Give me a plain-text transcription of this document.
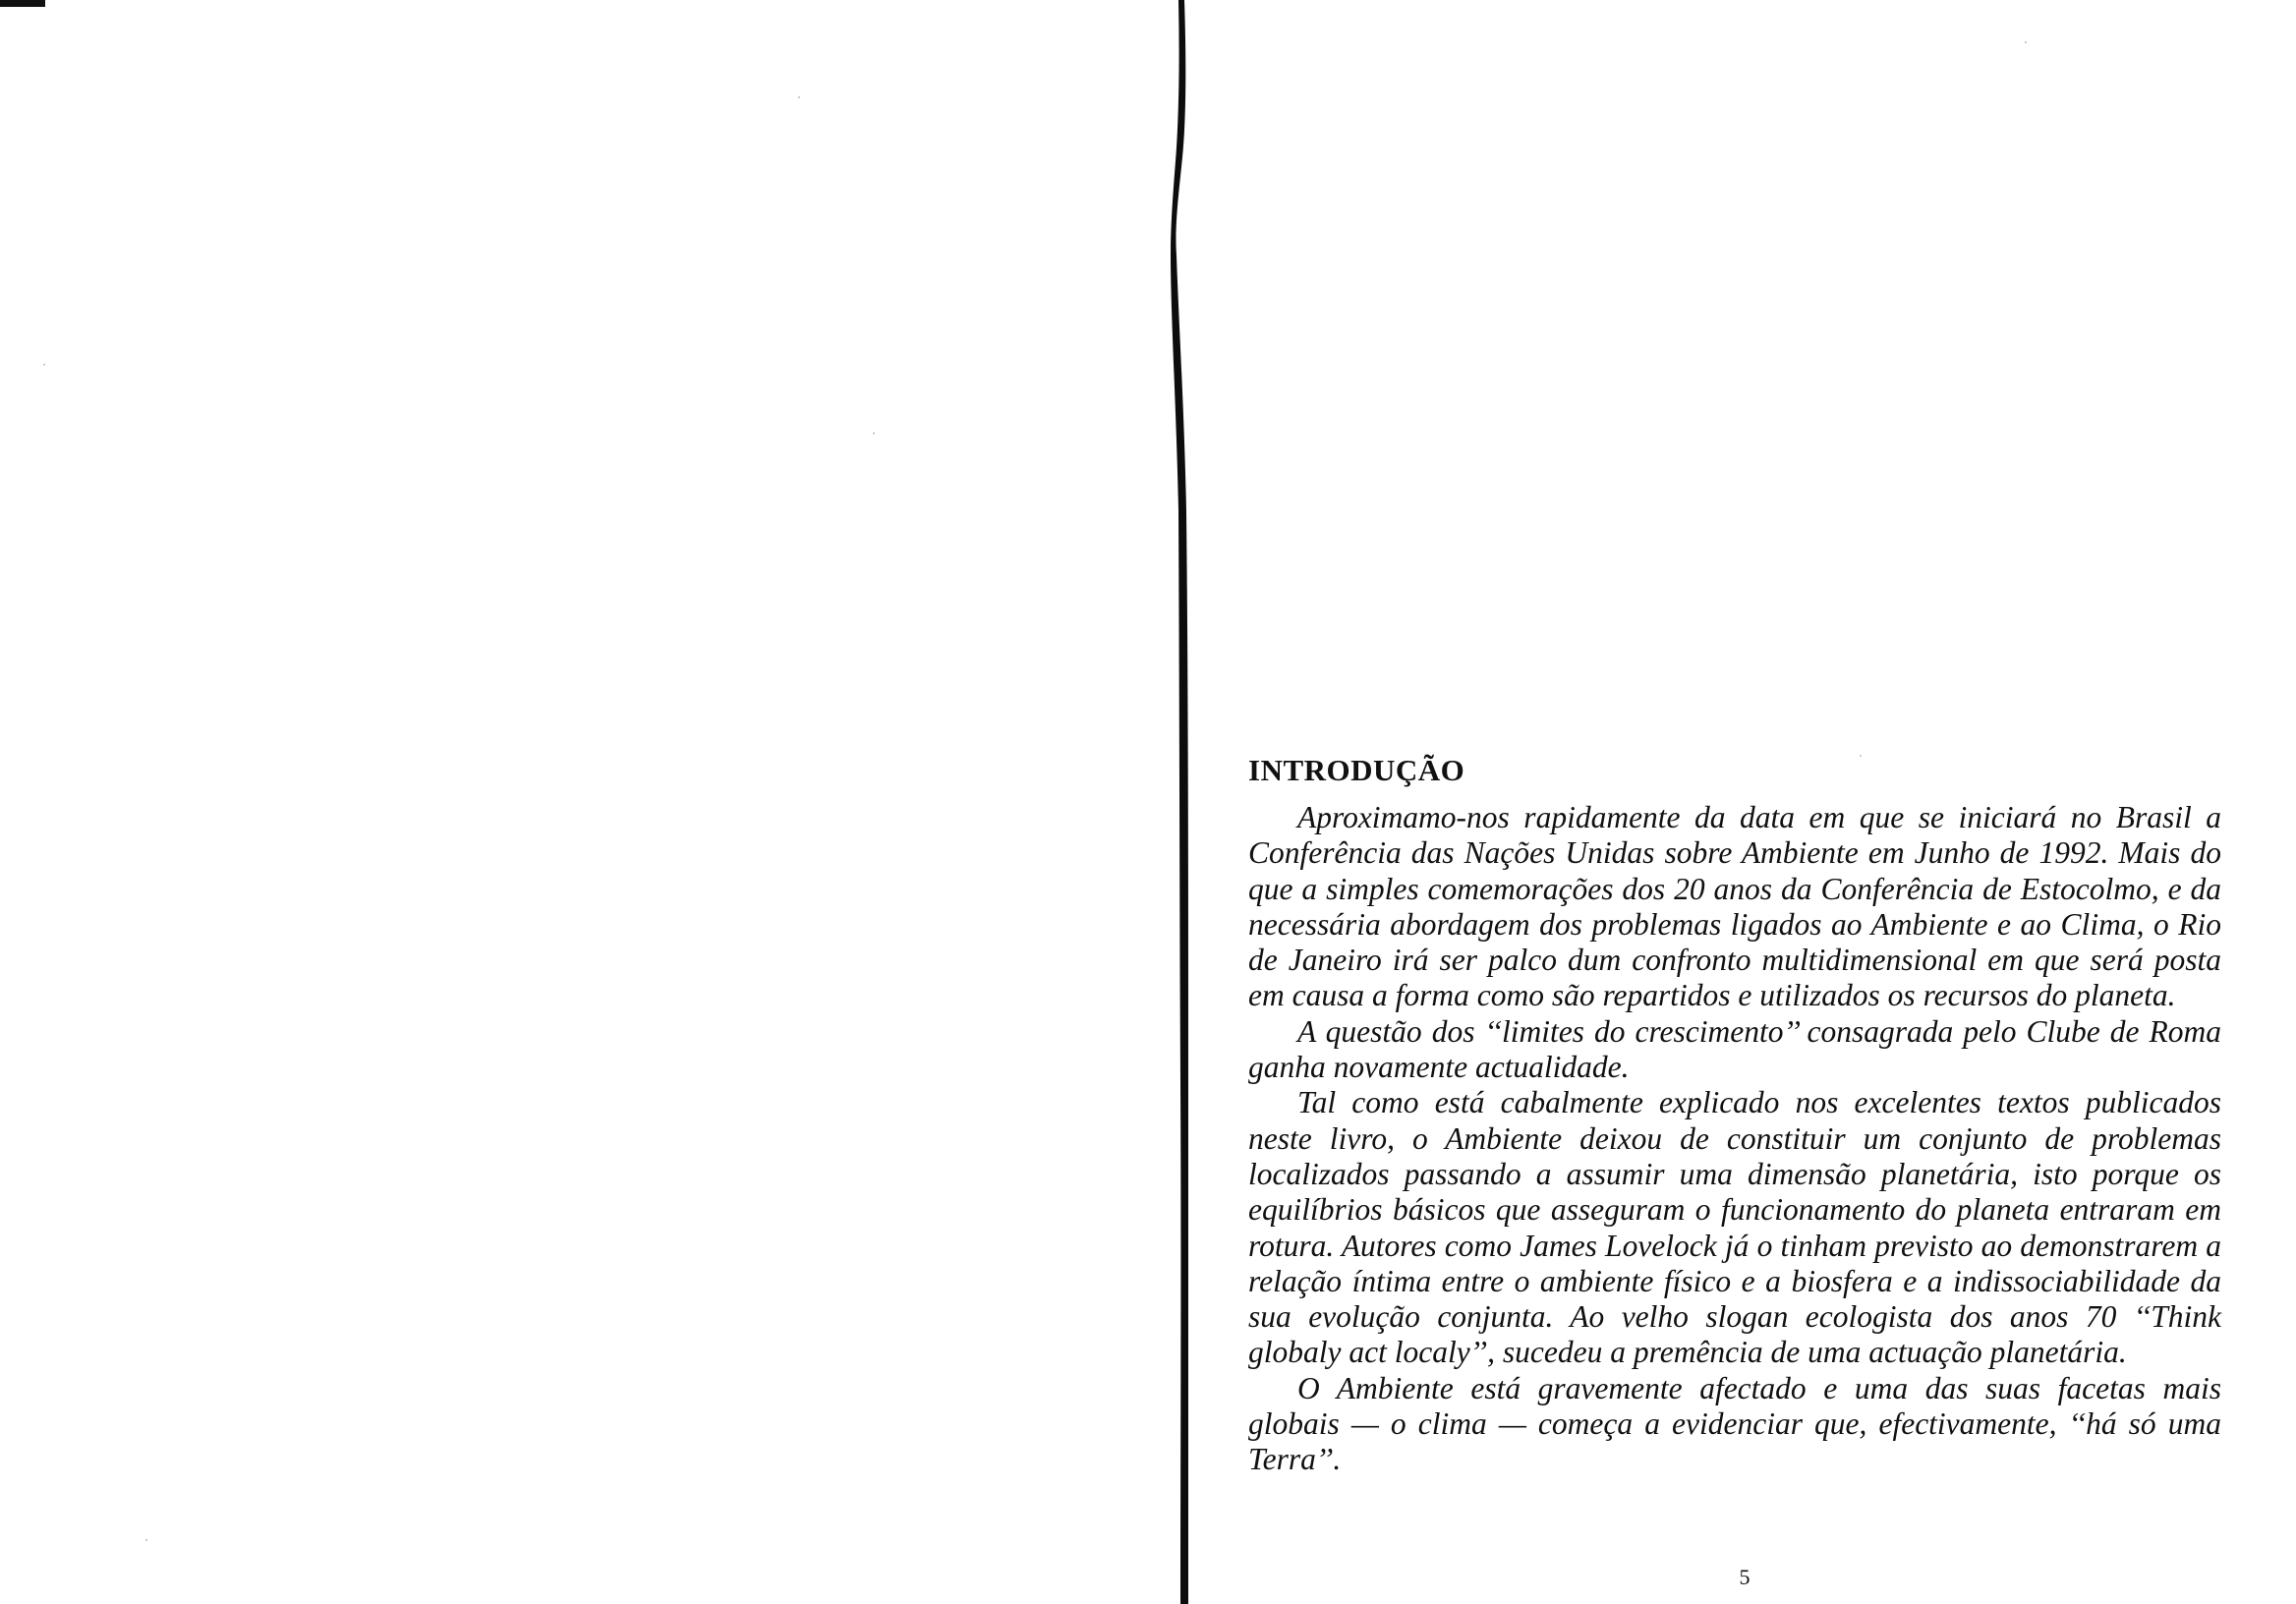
INTRODUÇÃO
Aproximamo-nos rapidamente da data em que se iniciará no Brasil a Conferência das Nações Unidas sobre Ambiente em Junho de 1992. Mais do que a simples comemorações dos 20 anos da Conferência de Estocolmo, e da necessária abordagem dos problemas ligados ao Ambiente e ao Clima, o Rio de Janeiro irá ser palco dum confronto multidimensional em que será posta em causa a forma como são repartidos e utilizados os recursos do planeta.
A questão dos ‘‘limites do crescimento’’ consagrada pelo Clube de Roma ganha novamente actualidade.
Tal como está cabalmente explicado nos excelentes textos publicados neste livro, o Ambiente deixou de constituir um conjunto de problemas localizados passando a assumir uma dimensão planetária, isto porque os equilíbrios básicos que asseguram o funcionamento do planeta entraram em rotura. Autores como James Lovelock já o tinham previsto ao demonstrarem a relação íntima entre o ambiente físico e a biosfera e a indissociabilidade da sua evolução conjunta. Ao velho slogan ecologista dos anos 70 ‘‘Think globaly act localy’’, sucedeu a premência de uma actuação planetária.
O Ambiente está gravemente afectado e uma das suas facetas mais globais — o clima — começa a evidenciar que, efectivamente, ‘‘há só uma Terra’’.
5
